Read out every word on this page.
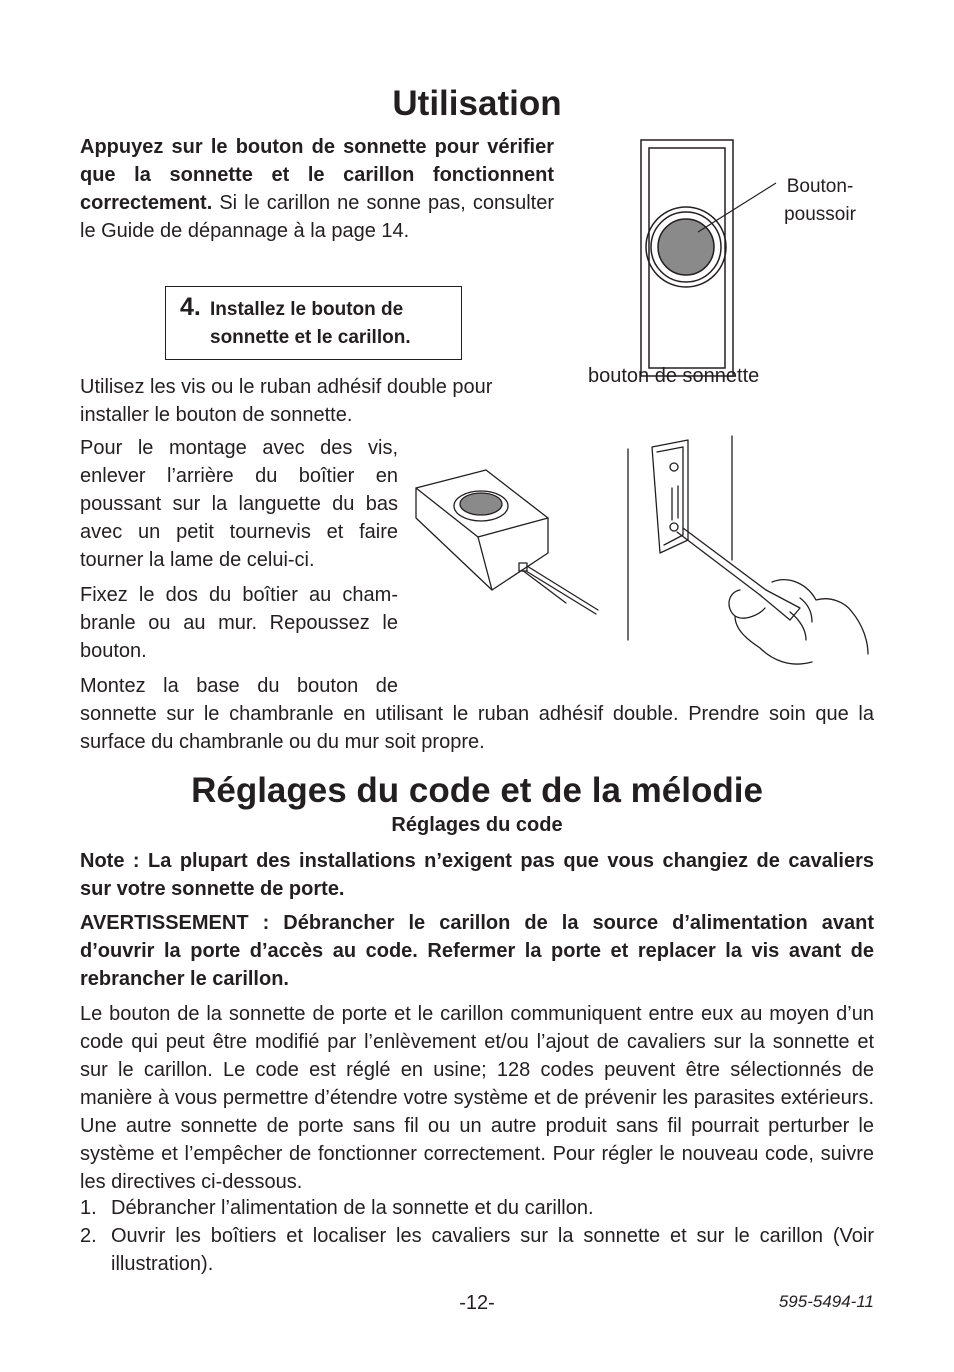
Utilisation

Appuyez sur le bouton de sonnette pour vérifier que la sonnette et le carillon fonctionnent correctement. Si le carillon ne sonne pas, consulter le Guide de dépannage à la page 14.

4. Installez le bouton de
sonnette et le carillon.

Utilisez les vis ou le ruban adhésif double pour installer le bouton de sonnette.

Pour le montage avec des vis, enlever l’arrière du boîtier en poussant sur la languette du bas avec un petit tournevis et faire tourner la lame de celui-ci.

Fixez le dos du boîtier au chambranle ou au mur. Repoussez le bouton.

Montez la base du bouton de

sonnette sur le chambranle en utilisant le ruban adhésif double. Prendre soin que la surface du chambranle ou du mur soit propre.

Bouton-
poussoir
bouton de sonnette
Réglages du code et de la mélodie
Réglages du code

Note : La plupart des installations n’exigent pas que vous changiez de cavaliers sur votre sonnette de porte.

AVERTISSEMENT : Débrancher le carillon de la source d’alimentation avant d’ouvrir la porte d’accès au code. Refermer la porte et replacer la vis avant de rebrancher le carillon.

Le bouton de la sonnette de porte et le carillon communiquent entre eux au moyen d’un code qui peut être modifié par l’enlèvement et/ou l’ajout de cavaliers sur la sonnette et sur le carillon. Le code est réglé en usine; 128 codes peuvent être sélectionnés de manière à vous permettre d’étendre votre système et de prévenir les parasites extérieurs. Une autre sonnette de porte sans fil ou un autre produit sans fil pourrait perturber le système et l’empêcher de fonctionner correctement. Pour régler le nouveau code, suivre les directives ci-dessous.

1. Débrancher l’alimentation de la sonnette et du carillon.
2. Ouvrir les boîtiers et localiser les cavaliers sur la sonnette et sur le carillon (Voir illustration).
-12-	595-5494-11
